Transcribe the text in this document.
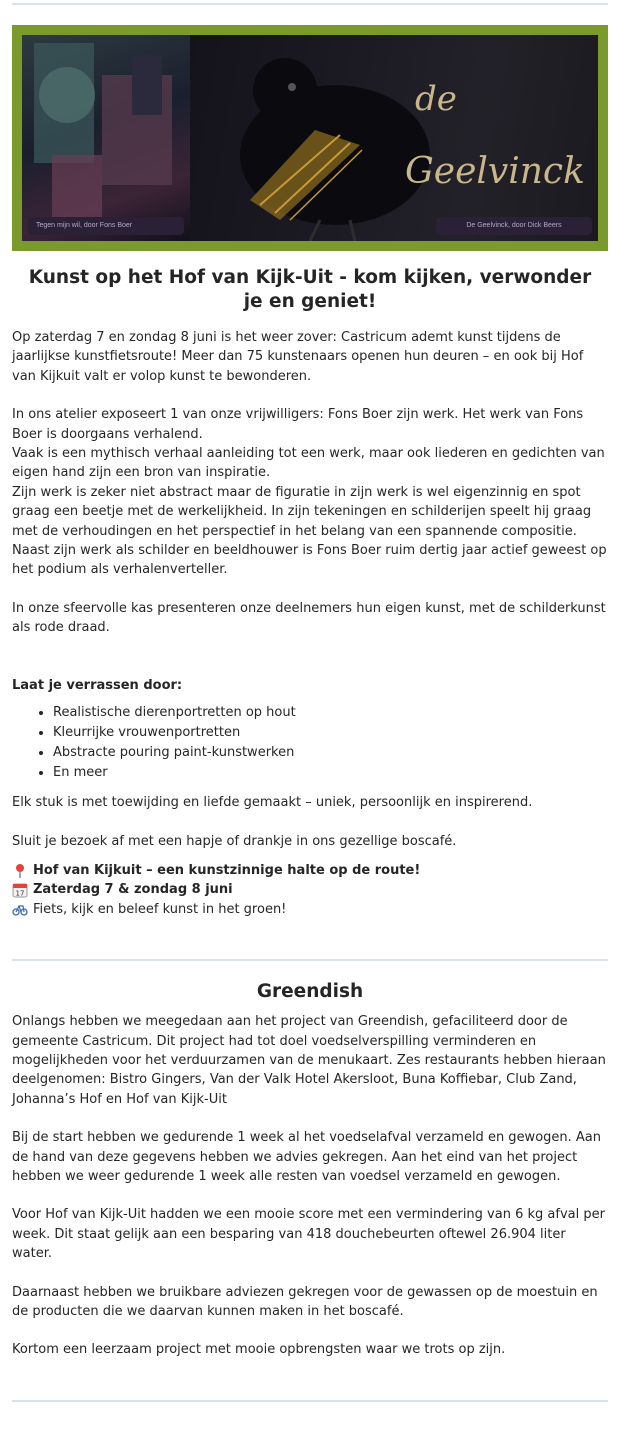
de
Geelvinck
Tegen mijn wil, door Fons Boer	De Geelvinck, door Dick Beers
Kunst op het Hof van Kijk-Uit - kom kijken, verwonder je en geniet!

Op zaterdag 7 en zondag 8 juni is het weer zover: Castricum ademt kunst tijdens de jaarlijkse kunstfietsroute! Meer dan 75 kunstenaars openen hun deuren – en ook bij Hof van Kijkuit valt er volop kunst te bewonderen.

In ons atelier exposeert 1 van onze vrijwilligers: Fons Boer zijn werk. Het werk van Fons Boer is doorgaans verhalend.

Vaak is een mythisch verhaal aanleiding tot een werk, maar ook liederen en gedichten van eigen hand zijn een bron van inspiratie.

Zijn werk is zeker niet abstract maar de figuratie in zijn werk is wel eigenzinnig en spot graag een beetje met de werkelijkheid. In zijn tekeningen en schilderijen speelt hij graag met de verhoudingen en het perspectief in het belang van een spannende compositie.

Naast zijn werk als schilder en beeldhouwer is Fons Boer ruim dertig jaar actief geweest op het podium als verhalenverteller.

In onze sfeervolle kas presenteren onze deelnemers hun eigen kunst, met de schilderkunst als rode draad.

Laat je verrassen door:

• Realistische dierenportretten op hout
• Kleurrijke vrouwenportretten
• Abstracte pouring paint-kunstwerken
• En meer

Elk stuk is met toewijding en liefde gemaakt – uniek, persoonlijk en inspirerend.

Sluit je bezoek af met een hapje of drankje in ons gezellige boscafé.

Hof van Kijkuit – een kunstzinnige halte op de route!
17 Zaterdag 7 & zondag 8 juni
Fiets, kijk en beleef kunst in het groen!
Greendish

Onlangs hebben we meegedaan aan het project van Greendish, gefaciliteerd door de gemeente Castricum. Dit project had tot doel voedselverspilling verminderen en mogelijkheden voor het verduurzamen van de menukaart. Zes restaurants hebben hieraan deelgenomen: Bistro Gingers, Van der Valk Hotel Akersloot, Buna Koffiebar, Club Zand, Johanna’s Hof en Hof van Kijk-Uit

Bij de start hebben we gedurende 1 week al het voedselafval verzameld en gewogen. Aan de hand van deze gegevens hebben we advies gekregen. Aan het eind van het project hebben we weer gedurende 1 week alle resten van voedsel verzameld en gewogen.

Voor Hof van Kijk-Uit hadden we een mooie score met een vermindering van 6 kg afval per week. Dit staat gelijk aan een besparing van 418 douchebeurten oftewel 26.904 liter water.

Daarnaast hebben we bruikbare adviezen gekregen voor de gewassen op de moestuin en de producten die we daarvan kunnen maken in het boscafé.

Kortom een leerzaam project met mooie opbrengsten waar we trots op zijn.
